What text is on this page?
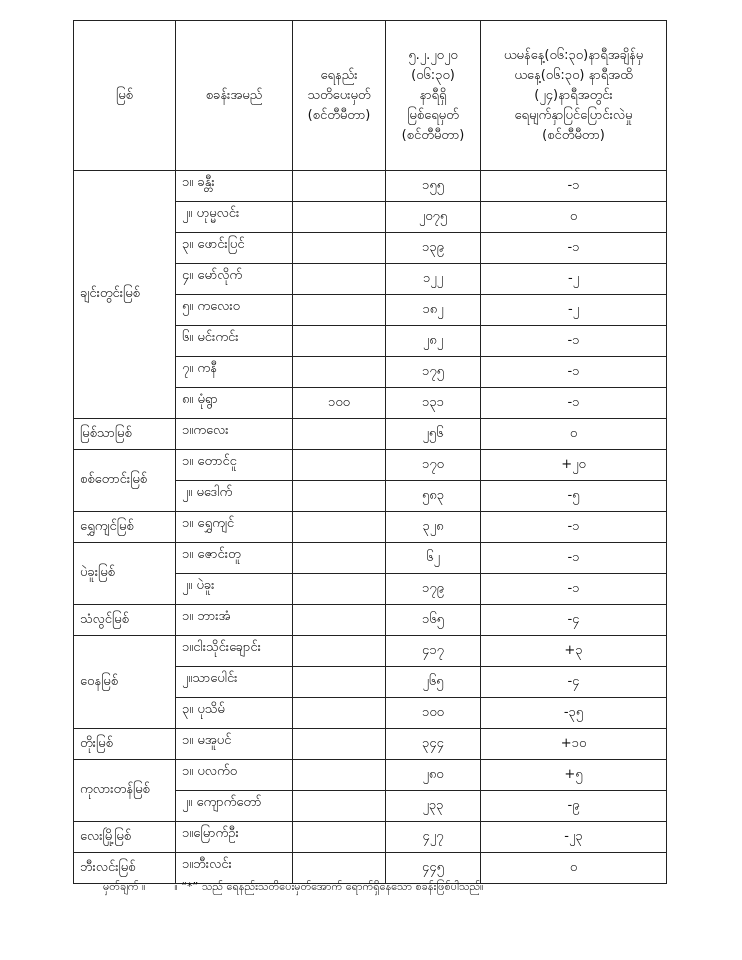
မြစ်	စခန်းအမည်	ရေနည်း
သတိပေးမှတ်
(စင်တီမီတာ)	၅.၂.၂၀၂၀
(၀၆:၃၀)
နာရီရှိ
မြစ်ရေမှတ်
(စင်တီမီတာ)	ယမန်နေ့(၀၆:၃၀)နာရီအချိန်မှ
ယနေ့(၀၆:၃၀) နာရီအထိ
(၂၄)နာရီအတွင်း
ရေမျက်နှာပြင်ပြောင်းလဲမှု
(စင်တီမီတာ)
ချင်းတွင်းမြစ်	၁။ ခန္တီး		၁၅၅	-၁
	၂။ ဟုမ္မလင်း		၂၀၇၅	၀
	၃။ ဖောင်းပြင်		၁၃၉	-၁
	၄။ မော်လိုက်		၁၂၂	-၂
	၅။ ကလေးဝ		၁၈၂	-၂
	၆။ မင်းကင်း		၂၈၂	-၁
	၇။ ကနီ		၁၇၅	-၁
	၈။ မုံရွာ	၁၀၀	၁၃၁	-၁
မြစ်သာမြစ်	၁။ကလေး		၂၅၆	၀
စစ်တောင်းမြစ်	၁။ တောင်ငူ		၁၇၀	+၂၀
	၂။ မဒေါက်		၅၈၃	-၅
ရွှေကျင်မြစ်	၁။ ရွှေကျင်		၃၂၈	-၁
ပဲခူးမြစ်	၁။ ဇောင်းတူ		၆၂	-၁
	၂။ ပဲခူး		၁၇၉	-၁
သံလွင်မြစ်	၁။ ဘားအံ		၁၆၅	-၄
ဝေနမြစ်	၁။ငါးသိုင်းချောင်း		၄၁၇	+၃
	၂။သာပေါင်း		၂၆၅	-၄
	၃။ ပုသိမ်		၁၀၀	-၃၅
တိုးမြစ်	၁။ မအူပင်		၃၄၄	+၁၀
ကုလားတန်မြစ်	၁။ ပလက်ဝ		၂၈၀	+၅
	၂။ ကျောက်တော်		၂၃၃	-၉
လေးမြို့မြစ်	၁။မြောက်ဦး		၄၂၇	-၂၃
ဘီးလင်းမြစ်	၁။ဘီးလင်း		၄၄၅	၀
မှတ်ချက် ။	။ “*” သည် ရေနည်းသတိပေးမှတ်အောက် ရောက်ရှိနေသော စခန်းဖြစ်ပါသည်။
